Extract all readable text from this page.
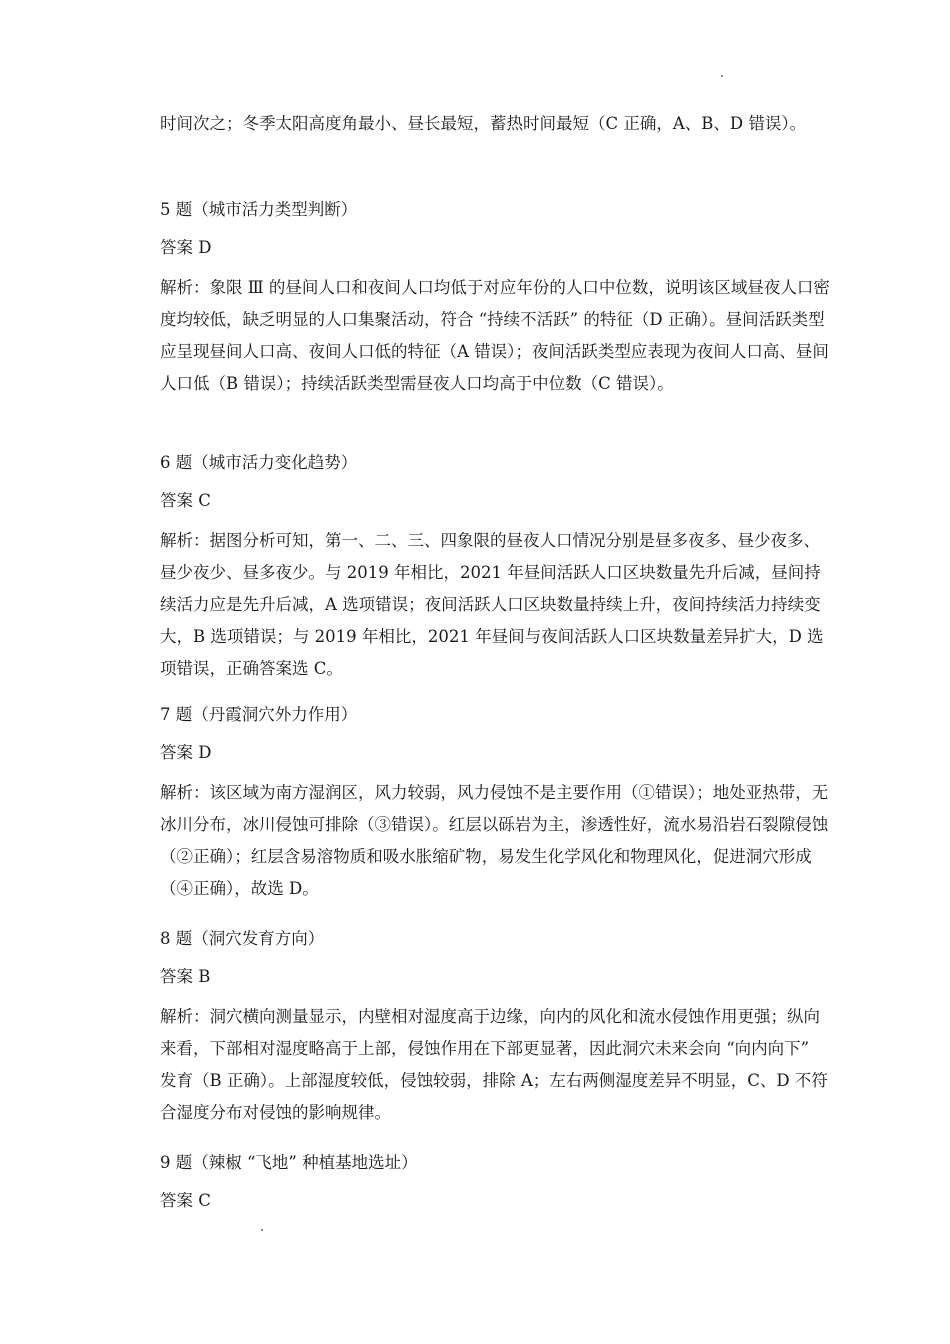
时间次之；冬季太阳高度角最小、昼长最短，蓄热时间最短（C 正确，A、B、D 错误）。

5 题（城市活力类型判断）

答案 D

解析：象限 Ⅲ 的昼间人口和夜间人口均低于对应年份的人口中位数，说明该区域昼夜人口密度均较低，缺乏明显的人口集聚活动，符合 “持续不活跃” 的特征（D 正确）。昼间活跃类型应呈现昼间人口高、夜间人口低的特征（A 错误）；夜间活跃类型应表现为夜间人口高、昼间人口低（B 错误）；持续活跃类型需昼夜人口均高于中位数（C 错误）。

6 题（城市活力变化趋势）

答案 C

解析：据图分析可知，第一、二、三、四象限的昼夜人口情况分别是昼多夜多、昼少夜多、昼少夜少、昼多夜少。与 2019 年相比，2021 年昼间活跃人口区块数量先升后减，昼间持续活力应是先升后减，A 选项错误；夜间活跃人口区块数量持续上升，夜间持续活力持续变大，B 选项错误；与 2019 年相比，2021 年昼间与夜间活跃人口区块数量差异扩大，D 选项错误，正确答案选 C。

7 题（丹霞洞穴外力作用）

答案 D

解析：该区域为南方湿润区，风力较弱，风力侵蚀不是主要作用（①错误）；地处亚热带，无冰川分布，冰川侵蚀可排除（③错误）。红层以砾岩为主，渗透性好，流水易沿岩石裂隙侵蚀（②正确）；红层含易溶物质和吸水胀缩矿物，易发生化学风化和物理风化，促进洞穴形成（④正确），故选 D。

8 题（洞穴发育方向）

答案 B

解析：洞穴横向测量显示，内壁相对湿度高于边缘，向内的风化和流水侵蚀作用更强；纵向来看，下部相对湿度略高于上部，侵蚀作用在下部更显著，因此洞穴未来会向 “向内向下” 发育（B 正确）。上部湿度较低，侵蚀较弱，排除 A；左右两侧湿度差异不明显，C、D 不符合湿度分布对侵蚀的影响规律。

9 题（辣椒 “飞地” 种植基地选址）

答案 C
